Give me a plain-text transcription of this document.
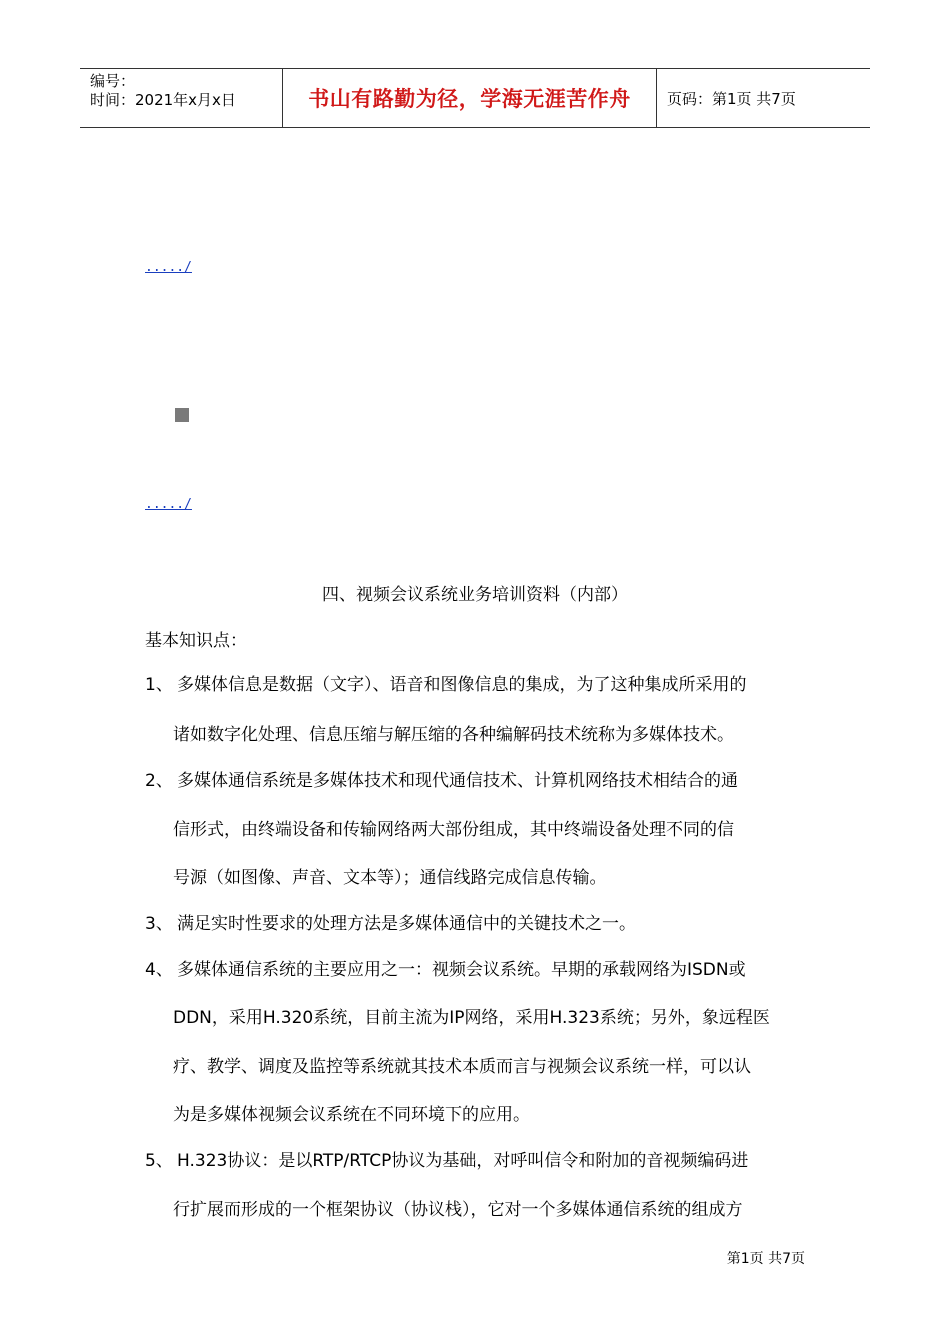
编号：
时间：2021年x月x日	书山有路勤为径，学海无涯苦作舟	页码：第1页 共7页
...../
...../
四、视频会议系统业务培训资料（内部）
基本知识点：
1、 多媒体信息是数据（文字）、语音和图像信息的集成，为了这种集成所采用的
诸如数字化处理、信息压缩与解压缩的各种编解码技术统称为多媒体技术。
2、 多媒体通信系统是多媒体技术和现代通信技术、计算机网络技术相结合的通
信形式，由终端设备和传输网络两大部份组成，其中终端设备处理不同的信
号源（如图像、声音、文本等）；通信线路完成信息传输。
3、 满足实时性要求的处理方法是多媒体通信中的关键技术之一。
4、 多媒体通信系统的主要应用之一：视频会议系统。早期的承载网络为ISDN或
DDN，采用H.320系统，目前主流为IP网络，采用H.323系统；另外，象远程医
疗、教学、调度及监控等系统就其技术本质而言与视频会议系统一样，可以认
为是多媒体视频会议系统在不同环境下的应用。
5、 H.323协议：是以RTP/RTCP协议为基础，对呼叫信令和附加的音视频编码进
行扩展而形成的一个框架协议（协议栈），它对一个多媒体通信系统的组成方
第1页 共7页
